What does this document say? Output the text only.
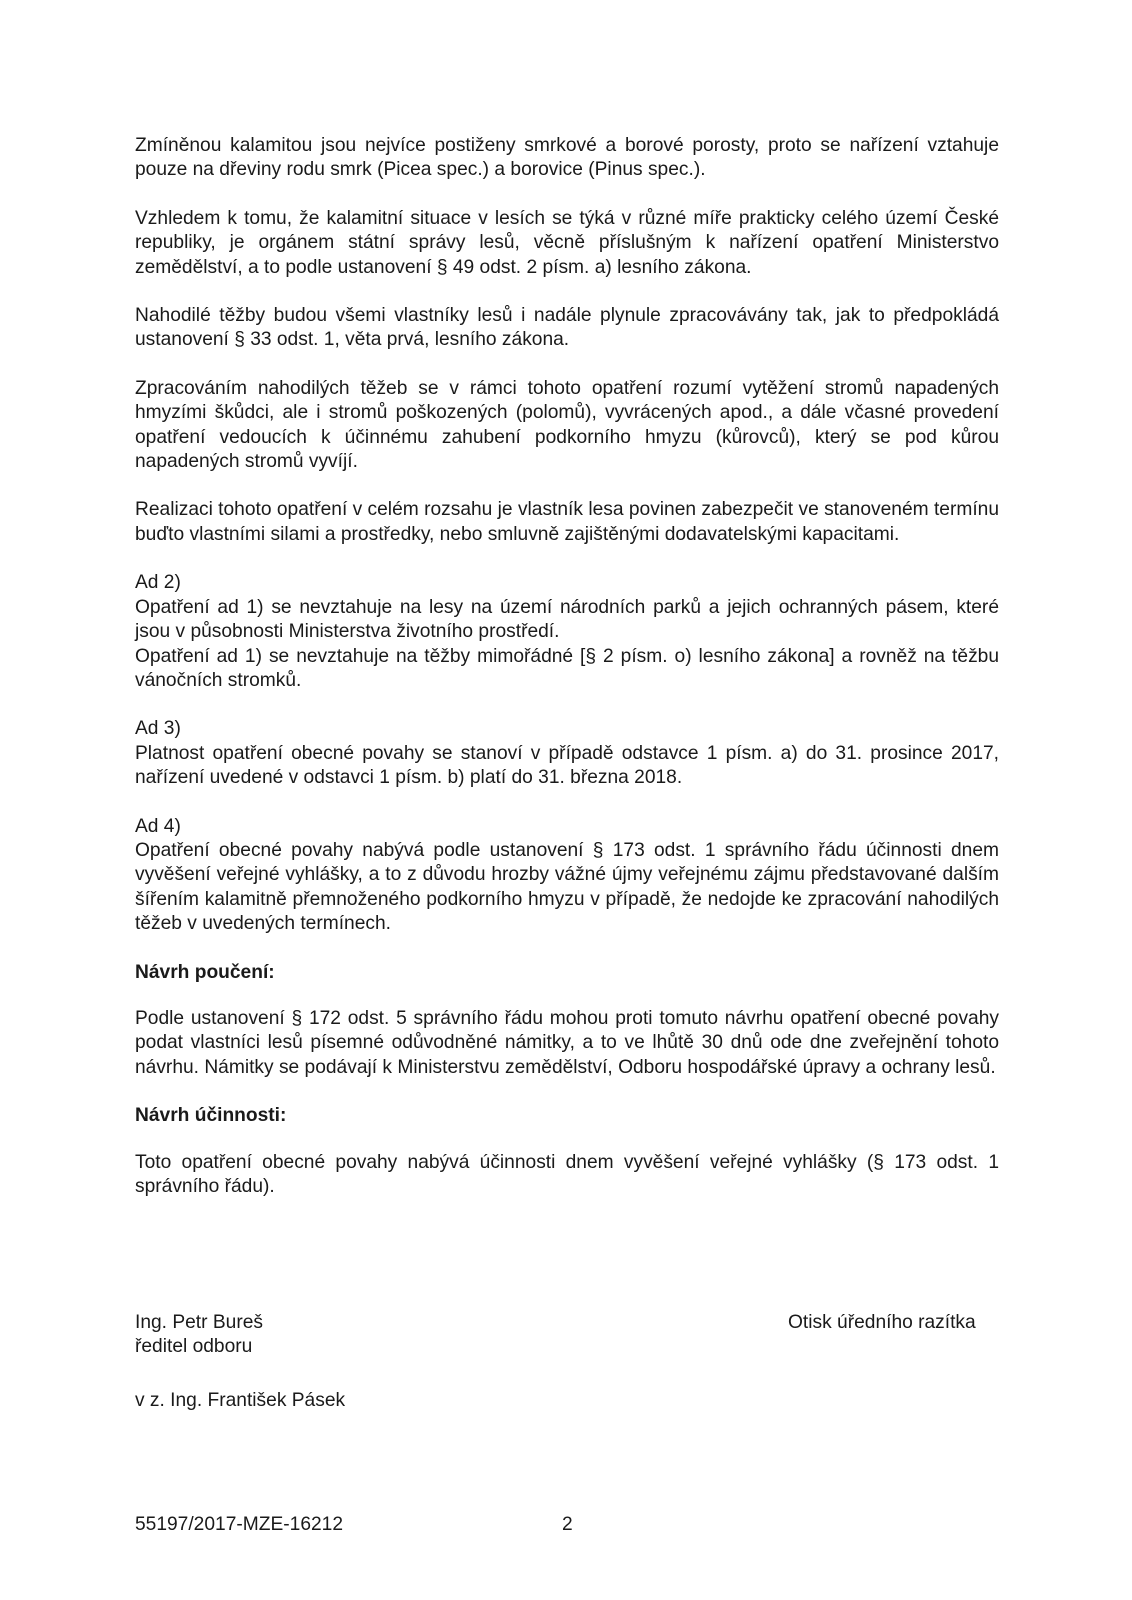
Zmíněnou kalamitou jsou nejvíce postiženy smrkové a borové porosty, proto se nařízení vztahuje pouze na dřeviny rodu smrk (Picea spec.) a borovice (Pinus spec.).

Vzhledem k tomu, že kalamitní situace v lesích se týká v různé míře prakticky celého území České republiky, je orgánem státní správy lesů, věcně příslušným k nařízení opatření Ministerstvo zemědělství, a to podle ustanovení § 49 odst. 2 písm. a) lesního zákona.

Nahodilé těžby budou všemi vlastníky lesů i nadále plynule zpracovávány tak, jak to předpokládá ustanovení § 33 odst. 1, věta prvá, lesního zákona.

Zpracováním nahodilých těžeb se v rámci tohoto opatření rozumí vytěžení stromů napadených hmyzími škůdci, ale i stromů poškozených (polomů), vyvrácených apod., a dále včasné provedení opatření vedoucích k účinnému zahubení podkorního hmyzu (kůrovců), který se pod kůrou napadených stromů vyvíjí.

Realizaci tohoto opatření v celém rozsahu je vlastník lesa povinen zabezpečit ve stanoveném termínu buďto vlastními silami a prostředky, nebo smluvně zajištěnými dodavatelskými kapacitami.

Ad 2)

Opatření ad 1) se nevztahuje na lesy na území národních parků a jejich ochranných pásem, které jsou v působnosti Ministerstva životního prostředí.

Opatření ad 1) se nevztahuje na těžby mimořádné [§ 2 písm. o) lesního zákona] a rovněž na těžbu vánočních stromků.

Ad 3)

Platnost opatření obecné povahy se stanoví v případě odstavce 1 písm. a) do 31. prosince 2017, nařízení uvedené v odstavci 1 písm. b) platí do 31. března 2018.

Ad 4)

Opatření obecné povahy nabývá podle ustanovení § 173 odst. 1 správního řádu účinnosti dnem vyvěšení veřejné vyhlášky, a to z důvodu hrozby vážné újmy veřejnému zájmu představované dalším šířením kalamitně přemnoženého podkorního hmyzu v případě, že nedojde ke zpracování nahodilých těžeb v uvedených termínech.

Návrh poučení:

Podle ustanovení § 172 odst. 5 správního řádu mohou proti tomuto návrhu opatření obecné povahy podat vlastníci lesů písemné odůvodněné námitky, a to ve lhůtě 30 dnů ode dne zveřejnění tohoto návrhu. Námitky se podávají k Ministerstvu zemědělství, Odboru hospodářské úpravy a ochrany lesů.

Návrh účinnosti:

Toto opatření obecné povahy nabývá účinnosti dnem vyvěšení veřejné vyhlášky (§ 173 odst. 1 správního řádu).

Ing. Petr Bureš
ředitel odboru
Otisk úředního razítka
v z. Ing. František Pásek
55197/2017-MZE-16212	2
